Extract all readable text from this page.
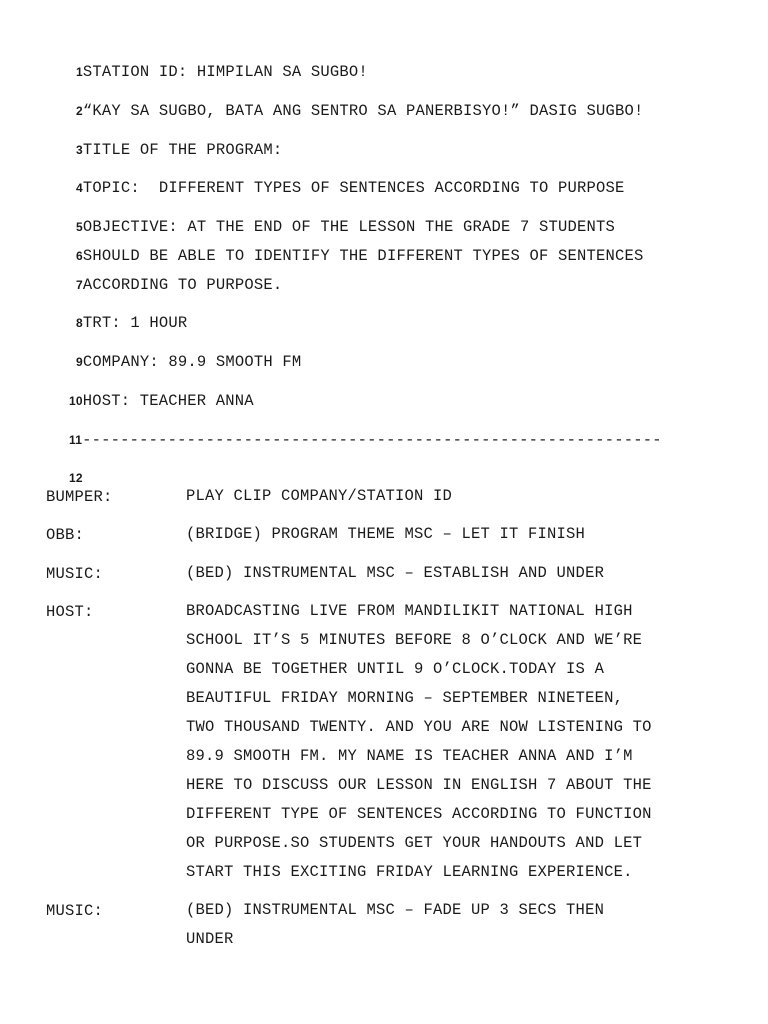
1STATION ID: HIMPILAN SA SUGBO!

2“KAY SA SUGBO, BATA ANG SENTRO SA PANERBISYO!” DASIG SUGBO!

3TITLE OF THE PROGRAM:

4TOPIC:  DIFFERENT TYPES OF SENTENCES ACCORDING TO PURPOSE

5OBJECTIVE: AT THE END OF THE LESSON THE GRADE 7 STUDENTS

6SHOULD BE ABLE TO IDENTIFY THE DIFFERENT TYPES OF SENTENCES

7ACCORDING TO PURPOSE.

8TRT: 1 HOUR

9COMPANY: 89.9 SMOOTH FM

10HOST: TEACHER ANNA

11-------------------------------------------------------------

12

BUMPER:	PLAY CLIP COMPANY/STATION ID
OBB:	(BRIDGE) PROGRAM THEME MSC – LET IT FINISH
MUSIC:	(BED) INSTRUMENTAL MSC – ESTABLISH AND UNDER
HOST:	BROADCASTING LIVE FROM MANDILIKIT NATIONAL HIGH
SCHOOL IT’S 5 MINUTES BEFORE 8 O’CLOCK AND WE’RE
GONNA BE TOGETHER UNTIL 9 O’CLOCK.TODAY IS A
BEAUTIFUL FRIDAY MORNING – SEPTEMBER NINETEEN,
TWO THOUSAND TWENTY. AND YOU ARE NOW LISTENING TO
89.9 SMOOTH FM. MY NAME IS TEACHER ANNA AND I’M
HERE TO DISCUSS OUR LESSON IN ENGLISH 7 ABOUT THE
DIFFERENT TYPE OF SENTENCES ACCORDING TO FUNCTION
OR PURPOSE.SO STUDENTS GET YOUR HANDOUTS AND LET
START THIS EXCITING FRIDAY LEARNING EXPERIENCE.
MUSIC:	(BED) INSTRUMENTAL MSC – FADE UP 3 SECS THEN
UNDER
